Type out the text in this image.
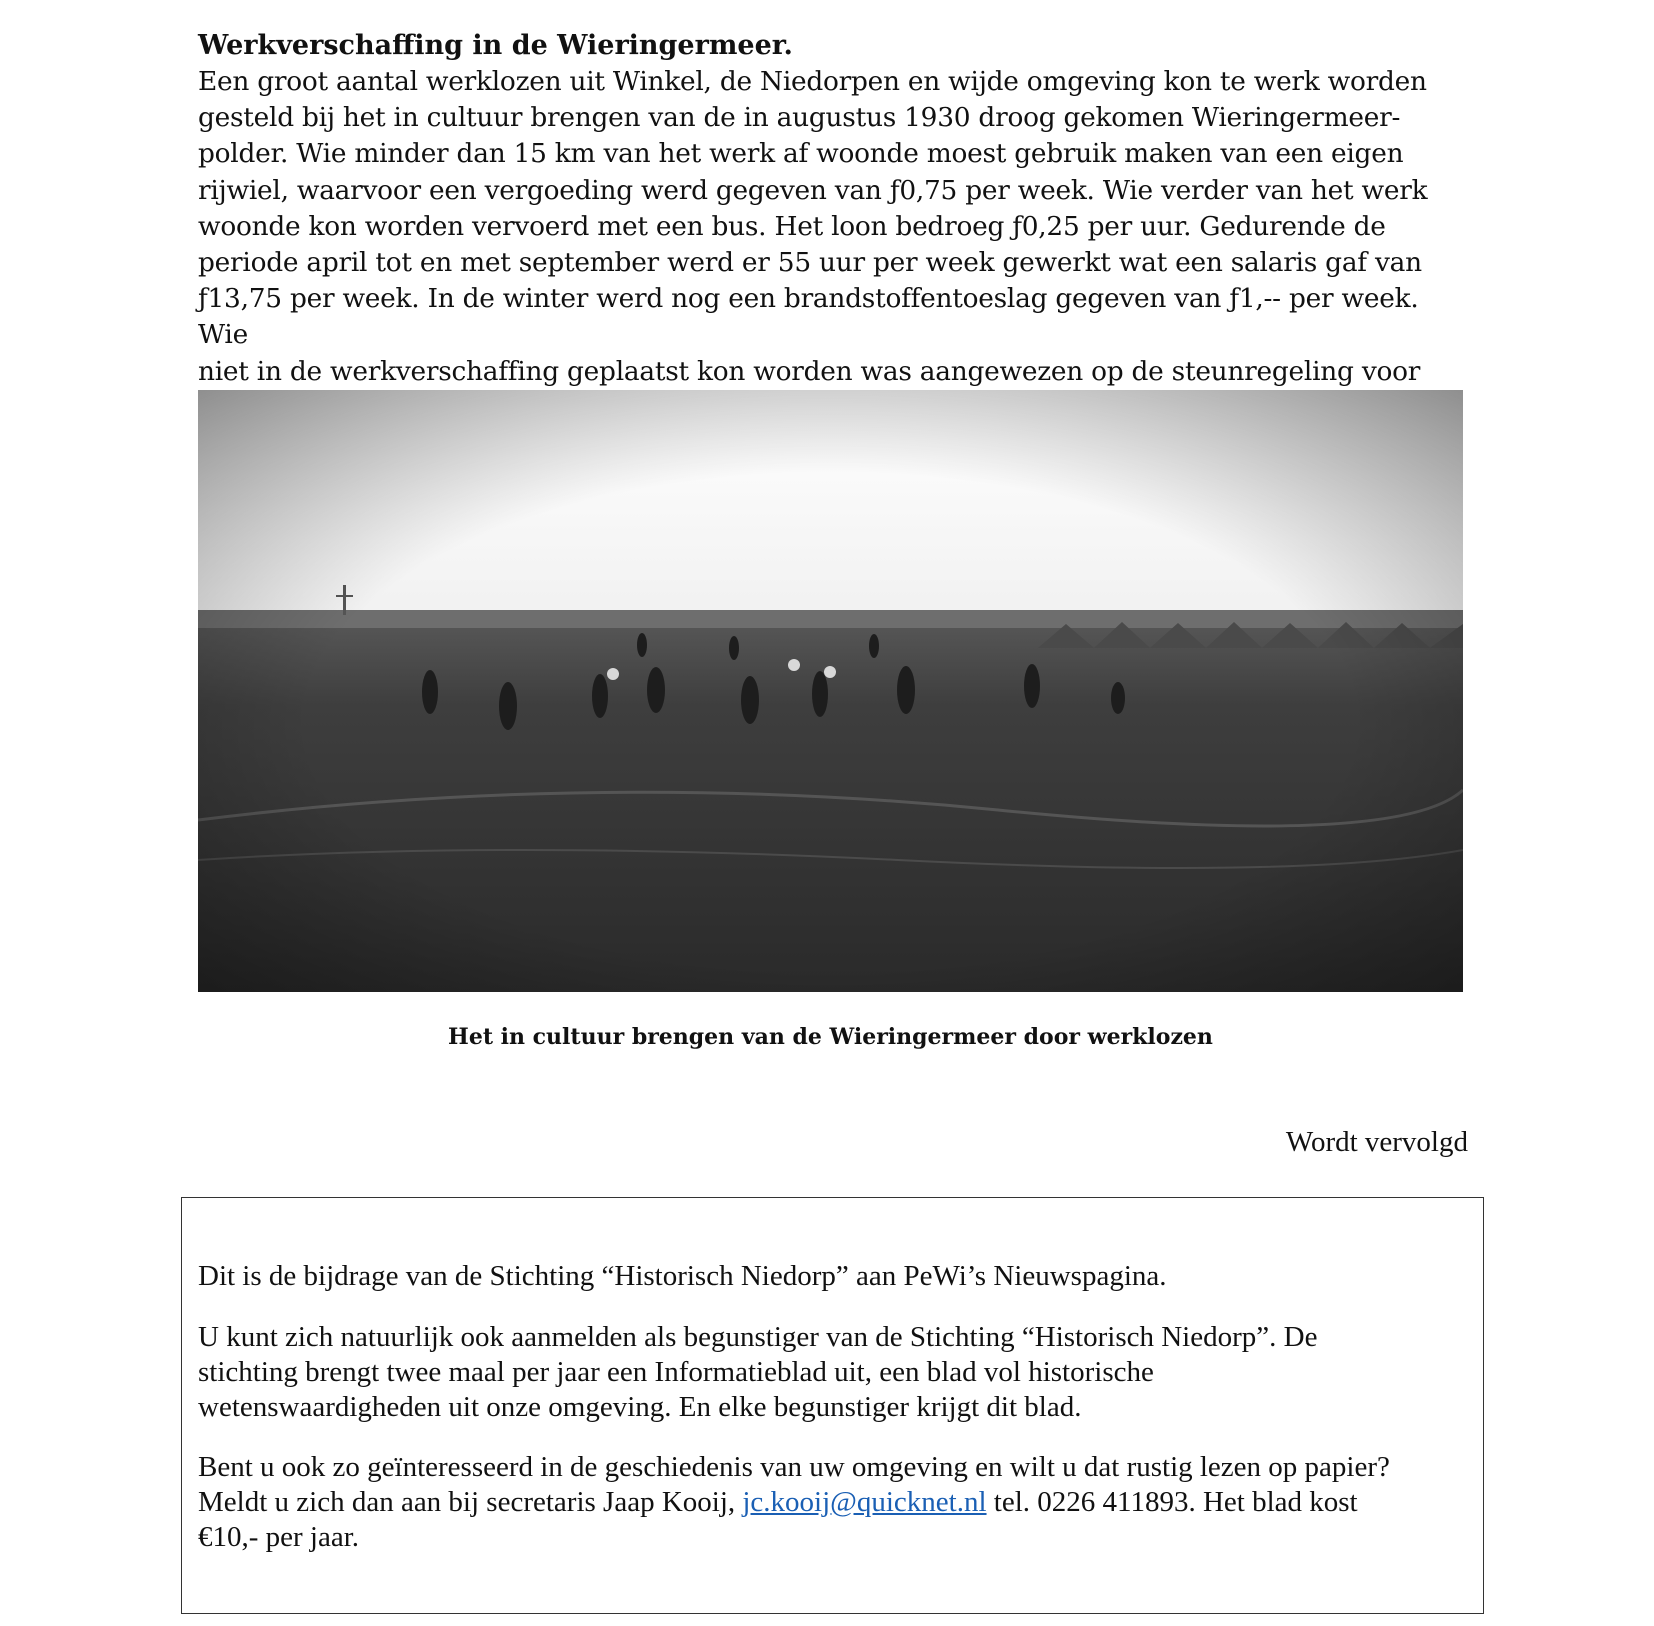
Werkverschaffing in de Wieringermeer.

Een groot aantal werklozen uit Winkel, de Niedorpen en wijde omgeving kon te werk worden
gesteld bij het in cultuur brengen van de in augustus 1930 droog gekomen Wieringermeer-
polder. Wie minder dan 15 km van het werk af woonde moest gebruik maken van een eigen
rijwiel, waarvoor een vergoeding werd gegeven van ƒ0,75 per week. Wie verder van het werk
woonde kon worden vervoerd met een bus. Het loon bedroeg ƒ0,25 per uur. Gedurende de
periode april tot en met september werd er 55 uur per week gewerkt wat een salaris gaf van
ƒ13,75 per week. In de winter werd nog een brandstoffentoeslag gegeven van ƒ1,-- per week. Wie
niet in de werkverschaffing geplaatst kon worden was aangewezen op de steunregeling voor

Het in cultuur brengen van de Wieringermeer door werklozen
Wordt vervolgd

Dit is de bijdrage van de Stichting “Historisch Niedorp” aan PeWi’s Nieuwspagina.

U kunt zich natuurlijk ook aanmelden als begunstiger van de Stichting “Historisch Niedorp”. De
stichting brengt twee maal per jaar een Informatieblad uit, een blad vol historische
wetenswaardigheden uit onze omgeving. En elke begunstiger krijgt dit blad.

Bent u ook zo geïnteresseerd in de geschiedenis van uw omgeving en wilt u dat rustig lezen op papier?
Meldt u zich dan aan bij secretaris Jaap Kooij, jc.kooij@quicknet.nl tel. 0226 411893. Het blad kost
€10,- per jaar.
